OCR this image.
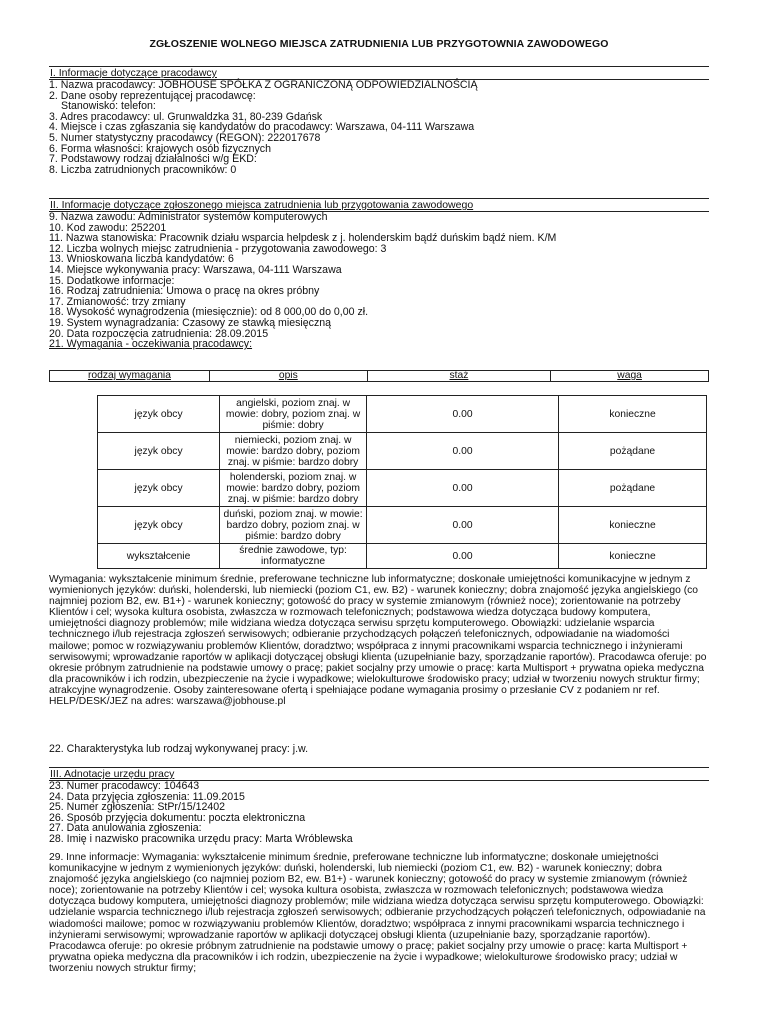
ZGŁOSZENIE WOLNEGO MIEJSCA ZATRUDNIENIA LUB PRZYGOTOWNIA ZAWODOWEGO
I. Informacje dotyczące pracodawcy
1. Nazwa pracodawcy: JOBHOUSE SPÓŁKA Z OGRANICZONĄ ODPOWIEDZIALNOŚCIĄ
2. Dane osoby reprezentującej pracodawcę:
Stanowisko: telefon:
3. Adres pracodawcy: ul. Grunwaldzka 31, 80-239 Gdańsk
4. Miejsce i czas zgłaszania się kandydatów do pracodawcy: Warszawa, 04-111 Warszawa
5. Numer statystyczny pracodawcy (REGON): 222017678
6. Forma własności: krajowych osób fizycznych
7. Podstawowy rodzaj działalności w/g EKD:
8. Liczba zatrudnionych pracowników: 0
II. Informacje dotyczące zgłoszonego miejsca zatrudnienia lub przygotowania zawodowego
9. Nazwa zawodu: Administrator systemów komputerowych
10. Kod zawodu: 252201
11. Nazwa stanowiska: Pracownik działu wsparcia helpdesk z j. holenderskim bądź duńskim bądź niem. K/M
12. Liczba wolnych miejsc zatrudnienia - przygotowania zawodowego: 3
13. Wnioskowana liczba kandydatów: 6
14. Miejsce wykonywania pracy: Warszawa, 04-111 Warszawa
15. Dodatkowe informacje:
16. Rodzaj zatrudnienia: Umowa o pracę na okres próbny
17. Zmianowość: trzy zmiany
18. Wysokość wynagrodzenia (miesięcznie): od 8 000,00 do 0,00 zł.
19. System wynagradzania: Czasowy ze stawką miesięczną
20. Data rozpoczęcia zatrudnienia: 28.09.2015
21. Wymagania - oczekiwania pracodawcy:
rodzaj wymagania	opis	staż	waga
język obcy	angielski, poziom znaj. w mowie: dobry, poziom znaj. w piśmie: dobry	0.00	konieczne
język obcy	niemiecki, poziom znaj. w mowie: bardzo dobry, poziom znaj. w piśmie: bardzo dobry	0.00	pożądane
język obcy	holenderski, poziom znaj. w mowie: bardzo dobry, poziom znaj. w piśmie: bardzo dobry	0.00	pożądane
język obcy	duński, poziom znaj. w mowie: bardzo dobry, poziom znaj. w piśmie: bardzo dobry	0.00	konieczne
wykształcenie	średnie zawodowe, typ: informatyczne	0.00	konieczne
Wymagania: wykształcenie minimum średnie, preferowane techniczne lub informatyczne; doskonałe umiejętności komunikacyjne w jednym z wymienionych języków: duński, holenderski, lub niemiecki (poziom C1, ew. B2) - warunek konieczny; dobra znajomość języka angielskiego (co najmniej poziom B2, ew. B1+) - warunek konieczny; gotowość do pracy w systemie zmianowym (również noce); zorientowanie na potrzeby Klientów i cel; wysoka kultura osobista, zwłaszcza w rozmowach telefonicznych; podstawowa wiedza dotycząca budowy komputera, umiejętności diagnozy problemów; mile widziana wiedza dotycząca serwisu sprzętu komputerowego. Obowiązki: udzielanie wsparcia technicznego i/lub rejestracja zgłoszeń serwisowych; odbieranie przychodzących połączeń telefonicznych, odpowiadanie na wiadomości mailowe; pomoc w rozwiązywaniu problemów Klientów, doradztwo; współpraca z innymi pracownikami wsparcia technicznego i inżynierami serwisowymi; wprowadzanie raportów w aplikacji dotyczącej obsługi klienta (uzupełnianie bazy, sporządzanie raportów). Pracodawca oferuje: po okresie próbnym zatrudnienie na podstawie umowy o pracę; pakiet socjalny przy umowie o pracę: karta Multisport + prywatna opieka medyczna dla pracowników i ich rodzin, ubezpieczenie na życie i wypadkowe; wielokulturowe środowisko pracy; udział w tworzeniu nowych struktur firmy; atrakcyjne wynagrodzenie. Osoby zainteresowane ofertą i spełniające podane wymagania prosimy o przesłanie CV z podaniem nr ref. HELP/DESK/JEZ na adres: warszawa@jobhouse.pl
22. Charakterystyka lub rodzaj wykonywanej pracy: j.w.
III. Adnotacje urzędu pracy
23. Numer pracodawcy: 104643
24. Data przyjęcia zgłoszenia: 11.09.2015
25. Numer zgłoszenia: StPr/15/12402
26. Sposób przyjęcia dokumentu: poczta elektroniczna
27. Data anulowania zgłoszenia:
28. Imię i nazwisko pracownika urzędu pracy: Marta Wróblewska
29. Inne informacje: Wymagania: wykształcenie minimum średnie, preferowane techniczne lub informatyczne; doskonałe umiejętności komunikacyjne w jednym z wymienionych języków: duński, holenderski, lub niemiecki (poziom C1, ew. B2) - warunek konieczny; dobra znajomość języka angielskiego (co najmniej poziom B2, ew. B1+) - warunek konieczny; gotowość do pracy w systemie zmianowym (również noce); zorientowanie na potrzeby Klientów i cel; wysoka kultura osobista, zwłaszcza w rozmowach telefonicznych; podstawowa wiedza dotycząca budowy komputera, umiejętności diagnozy problemów; mile widziana wiedza dotycząca serwisu sprzętu komputerowego. Obowiązki: udzielanie wsparcia technicznego i/lub rejestracja zgłoszeń serwisowych; odbieranie przychodzących połączeń telefonicznych, odpowiadanie na wiadomości mailowe; pomoc w rozwiązywaniu problemów Klientów, doradztwo; współpraca z innymi pracownikami wsparcia technicznego i inżynierami serwisowymi; wprowadzanie raportów w aplikacji dotyczącej obsługi klienta (uzupełnianie bazy, sporządzanie raportów). Pracodawca oferuje: po okresie próbnym zatrudnienie na podstawie umowy o pracę; pakiet socjalny przy umowie o pracę: karta Multisport + prywatna opieka medyczna dla pracowników i ich rodzin, ubezpieczenie na życie i wypadkowe; wielokulturowe środowisko pracy; udział w tworzeniu nowych struktur firmy;
